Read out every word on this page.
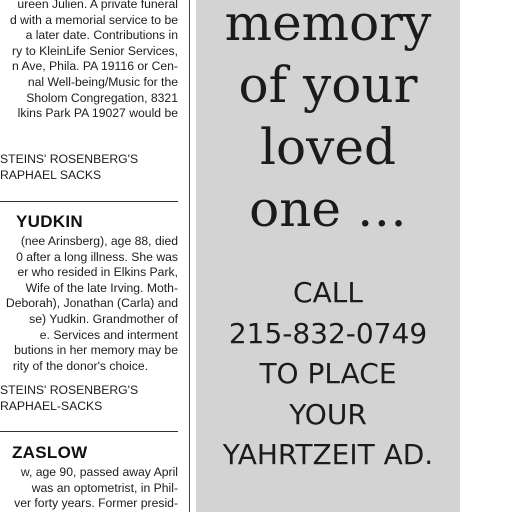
ureen Julien. A private funeral
d with a memorial service to be
a later date. Contributions in
ry to KleinLife Senior Services,
n Ave, Phila. PA 19116 or Cen-
nal Well-being/Music for the
Sholom Congregation, 8321
lkins Park PA 19027 would be
STEINS' ROSENBERG'S
RAPHAEL SACKS
YUDKIN
(nee Arinsberg), age 88, died
0 after a long illness. She was
er who resided in Elkins Park,
Wife of the late Irving. Moth-
Deborah), Jonathan (Carla) and
se) Yudkin. Grandmother of
e. Services and interment
butions in her memory may be
rity of the donor's choice.
STEINS' ROSENBERG'S
RAPHAEL-SACKS
ZASLOW
w, age 90, passed away April
was an optometrist, in Phil-
ver forty years. Former presid-
memory
of your
loved
one …
CALL
215-832-0749
TO PLACE
YOUR
YAHRTZEIT AD.
